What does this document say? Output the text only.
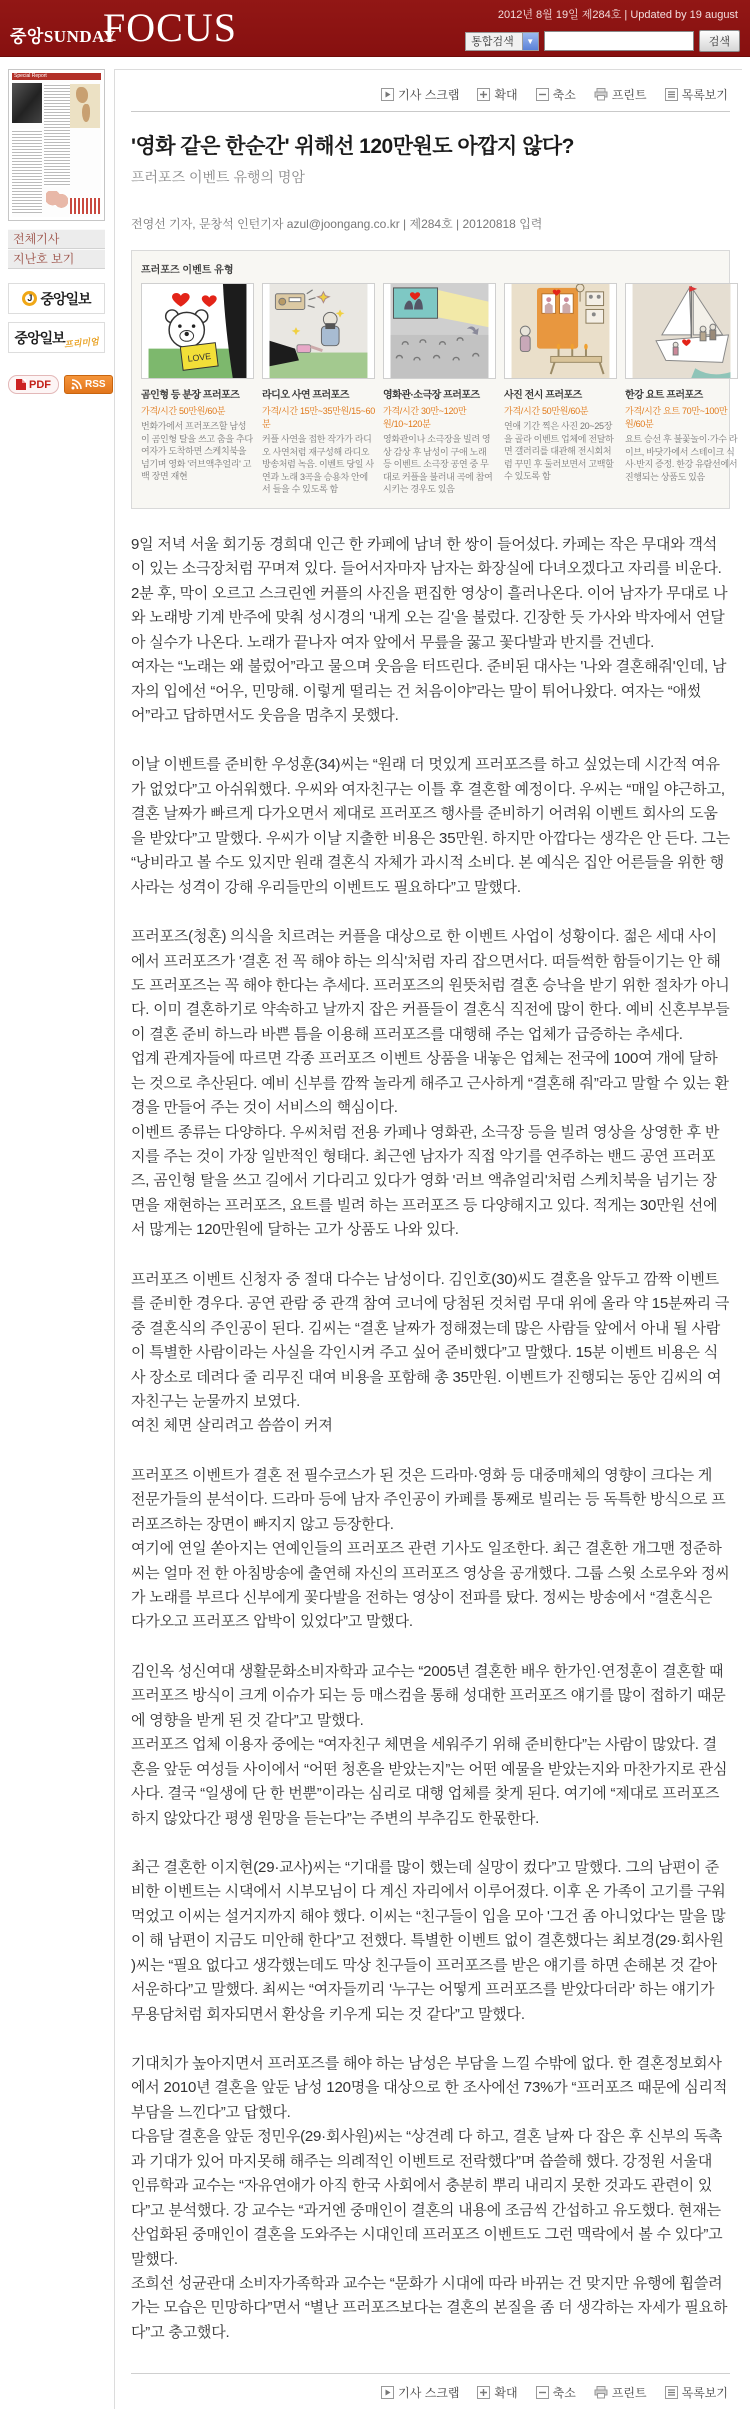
중앙SUNDAY
FOCUS	2012년 8월 19일 제284호 | Updated by 19 august
통합검색	▼	검색
Special Report
전체기사
지난호 보기
J 중앙일보
중앙일보
프리미엄
PDF	RSS
기사 스크랩	확대	축소	프린트	목록보기
'영화 같은 한순간' 위해선 120만원도 아깝지 않다?
프러포즈 이벤트 유행의 명암
전영선 기자, 문창석 인턴기자 azul@joongang.co.kr | 제284호 | 20120818 입력
프러포즈 이벤트 유형
LOVE
곰인형 등 분장 프러포즈
가격/시간 50만원/60분
번화가에서 프러포즈할 남성이 곰인형 탈을 쓰고 춤을 추다 여자가 도착하면 스케치북을 넘기며 영화 '러브액추얼리' 고백 장면 재현
라디오 사연 프러포즈
가격/시간 15만~35만원/15~60분
커플 사연을 접한 작가가 라디오 사연처럼 재구성해 라디오 방송처럼 녹음. 이벤트 당일 사연과 노래 3곡을 승용차 안에서 들을 수 있도록 함
영화관·소극장 프러포즈
가격/시간 30만~120만원/10~120분
영화관이나 소극장을 빌려 영상 감상 후 남성이 구애 노래 등 이벤트. 소극장 공연 중 무대로 커플을 불러내 곡에 참여시키는 경우도 있음
사진 전시 프러포즈
가격/시간 50만원/60분
연애 기간 찍은 사진 20~25장을 골라 이벤트 업체에 전달하면 갤러리를 대관해 전시회처럼 꾸민 후 둘러보면서 고백할 수 있도록 함
한강 요트 프러포즈
가격/시간 요트 70만~100만원/60분
요트 승선 후 불꽃놀이·가수 라이브, 바닷가에서 스테이크 식사·반지 증정. 한강 유람선에서 진행되는 상품도 있음

9일 저녁 서울 회기동 경희대 인근 한 카페에 남녀 한 쌍이 들어섰다. 카페는 작은 무대와 객석이 있는 소극장처럼 꾸며져 있다. 들어서자마자 남자는 화장실에 다녀오겠다고 자리를 비운다. 2분 후, 막이 오르고 스크린엔 커플의 사진을 편집한 영상이 흘러나온다. 이어 남자가 무대로 나와 노래방 기계 반주에 맞춰 성시경의 '내게 오는 길'을 불렀다. 긴장한 듯 가사와 박자에서 연달아 실수가 나온다. 노래가 끝나자 여자 앞에서 무릎을 꿇고 꽃다발과 반지를 건넨다.

여자는 “노래는 왜 불렀어”라고 물으며 웃음을 터뜨린다. 준비된 대사는 '나와 결혼해줘'인데, 남자의 입에선 “어우, 민망해. 이렇게 떨리는 건 처음이야”라는 말이 튀어나왔다. 여자는 “애썼어”라고 답하면서도 웃음을 멈추지 못했다.

이날 이벤트를 준비한 우성훈(34)씨는 “원래 더 멋있게 프러포즈를 하고 싶었는데 시간적 여유가 없었다”고 아쉬워했다. 우씨와 여자친구는 이틀 후 결혼할 예정이다. 우씨는 “매일 야근하고, 결혼 날짜가 빠르게 다가오면서 제대로 프러포즈 행사를 준비하기 어려워 이벤트 회사의 도움을 받았다”고 말했다. 우씨가 이날 지출한 비용은 35만원. 하지만 아깝다는 생각은 안 든다. 그는 “낭비라고 볼 수도 있지만 원래 결혼식 자체가 과시적 소비다. 본 예식은 집안 어른들을 위한 행사라는 성격이 강해 우리들만의 이벤트도 필요하다”고 말했다.

프러포즈(청혼) 의식을 치르려는 커플을 대상으로 한 이벤트 사업이 성황이다. 젊은 세대 사이에서 프러포즈가 '결혼 전 꼭 해야 하는 의식'처럼 자리 잡으면서다. 떠들썩한 함들이기는 안 해도 프러포즈는 꼭 해야 한다는 추세다. 프러포즈의 원뜻처럼 결혼 승낙을 받기 위한 절차가 아니다. 이미 결혼하기로 약속하고 날까지 잡은 커플들이 결혼식 직전에 많이 한다. 예비 신혼부부들이 결혼 준비 하느라 바쁜 틈을 이용해 프러포즈를 대행해 주는 업체가 급증하는 추세다.

업계 관계자들에 따르면 각종 프러포즈 이벤트 상품을 내놓은 업체는 전국에 100여 개에 달하는 것으로 추산된다. 예비 신부를 깜짝 놀라게 해주고 근사하게 “결혼해 줘”라고 말할 수 있는 환경을 만들어 주는 것이 서비스의 핵심이다.

이벤트 종류는 다양하다. 우씨처럼 전용 카페나 영화관, 소극장 등을 빌려 영상을 상영한 후 반지를 주는 것이 가장 일반적인 형태다. 최근엔 남자가 직접 악기를 연주하는 밴드 공연 프러포즈, 곰인형 탈을 쓰고 길에서 기다리고 있다가 영화 '러브 액츄얼리'처럼 스케치북을 넘기는 장면을 재현하는 프러포즈, 요트를 빌려 하는 프러포즈 등 다양해지고 있다. 적게는 30만원 선에서 많게는 120만원에 달하는 고가 상품도 나와 있다.

프러포즈 이벤트 신청자 중 절대 다수는 남성이다. 김인호(30)씨도 결혼을 앞두고 깜짝 이벤트를 준비한 경우다. 공연 관람 중 관객 참여 코너에 당첨된 것처럼 무대 위에 올라 약 15분짜리 극중 결혼식의 주인공이 된다. 김씨는 “결혼 날짜가 정해졌는데 많은 사람들 앞에서 아내 될 사람이 특별한 사람이라는 사실을 각인시켜 주고 싶어 준비했다”고 말했다. 15분 이벤트 비용은 식사 장소로 데려다 줄 리무진 대여 비용을 포함해 총 35만원. 이벤트가 진행되는 동안 김씨의 여자친구는 눈물까지 보였다.

여친 체면 살리려고 씀씀이 커져

프러포즈 이벤트가 결혼 전 필수코스가 된 것은 드라마·영화 등 대중매체의 영향이 크다는 게 전문가들의 분석이다. 드라마 등에 남자 주인공이 카페를 통째로 빌리는 등 독특한 방식으로 프러포즈하는 장면이 빠지지 않고 등장한다.

여기에 연일 쏟아지는 연예인들의 프러포즈 관련 기사도 일조한다. 최근 결혼한 개그맨 정준하씨는 얼마 전 한 아침방송에 출연해 자신의 프러포즈 영상을 공개했다. 그룹 스윗 소로우와 정씨가 노래를 부르다 신부에게 꽃다발을 전하는 영상이 전파를 탔다. 정씨는 방송에서 “결혼식은 다가오고 프러포즈 압박이 있었다”고 말했다.

김인옥 성신여대 생활문화소비자학과 교수는 “2005년 결혼한 배우 한가인·연정훈이 결혼할 때 프러포즈 방식이 크게 이슈가 되는 등 매스컴을 통해 성대한 프러포즈 얘기를 많이 접하기 때문에 영향을 받게 된 것 같다”고 말했다.

프러포즈 업체 이용자 중에는 “여자친구 체면을 세워주기 위해 준비한다”는 사람이 많았다. 결혼을 앞둔 여성들 사이에서 “어떤 청혼을 받았는지”는 어떤 예물을 받았는지와 마찬가지로 관심사다. 결국 “일생에 단 한 번뿐”이라는 심리로 대행 업체를 찾게 된다. 여기에 “제대로 프러포즈 하지 않았다간 평생 원망을 듣는다”는 주변의 부추김도 한몫한다.

최근 결혼한 이지현(29·교사)씨는 “기대를 많이 했는데 실망이 컸다”고 말했다. 그의 남편이 준비한 이벤트는 시댁에서 시부모님이 다 계신 자리에서 이루어졌다. 이후 온 가족이 고기를 구워 먹었고 이씨는 설거지까지 해야 했다. 이씨는 “친구들이 입을 모아 '그건 좀 아니었다'는 말을 많이 해 남편이 지금도 미안해 한다”고 전했다. 특별한 이벤트 없이 결혼했다는 최보경(29·회사원 )씨는 “필요 없다고 생각했는데도 막상 친구들이 프러포즈를 받은 얘기를 하면 손해본 것 같아 서운하다”고 말했다. 최씨는 “여자들끼리 '누구는 어떻게 프러포즈를 받았다더라' 하는 얘기가 무용담처럼 회자되면서 환상을 키우게 되는 것 같다”고 말했다.

기대치가 높아지면서 프러포즈를 해야 하는 남성은 부담을 느낄 수밖에 없다. 한 결혼정보회사에서 2010년 결혼을 앞둔 남성 120명을 대상으로 한 조사에선 73%가 “프러포즈 때문에 심리적 부담을 느낀다”고 답했다.

다음달 결혼을 앞둔 정민우(29·회사원)씨는 “상견례 다 하고, 결혼 날짜 다 잡은 후 신부의 독촉과 기대가 있어 마지못해 해주는 의례적인 이벤트로 전락했다”며 씁쓸해 했다. 강정원 서울대 인류학과 교수는 “자유연애가 아직 한국 사회에서 충분히 뿌리 내리지 못한 것과도 관련이 있다”고 분석했다. 강 교수는 “과거엔 중매인이 결혼의 내용에 조금씩 간섭하고 유도했다. 현재는 산업화된 중매인이 결혼을 도와주는 시대인데 프러포즈 이벤트도 그런 맥락에서 볼 수 있다”고 말했다.

조희선 성균관대 소비자가족학과 교수는 “문화가 시대에 따라 바뀌는 건 맞지만 유행에 휩쓸려 가는 모습은 민망하다”면서 “별난 프러포즈보다는 결혼의 본질을 좀 더 생각하는 자세가 필요하다”고 충고했다.

기사 스크랩	확대	축소	프린트	목록보기
